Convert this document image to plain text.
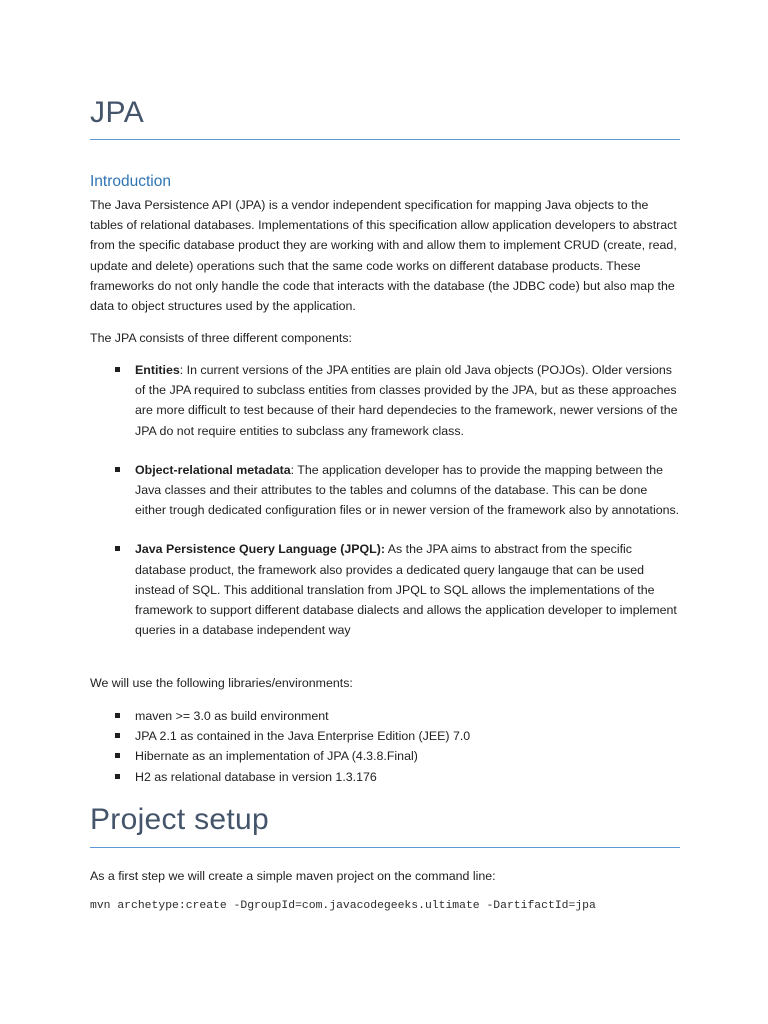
JPA
Introduction

The Java Persistence API (JPA) is a vendor independent specification for mapping Java objects to the tables of relational databases. Implementations of this specification allow application developers to abstract from the specific database product they are working with and allow them to implement CRUD (create, read, update and delete) operations such that the same code works on different database products. These frameworks do not only handle the code that interacts with the database (the JDBC code) but also map the data to object structures used by the application.

The JPA consists of three different components:

Entities: In current versions of the JPA entities are plain old Java objects (POJOs). Older versions of the JPA required to subclass entities from classes provided by the JPA, but as these approaches are more difficult to test because of their hard dependecies to the framework, newer versions of the JPA do not require entities to subclass any framework class.
Object-relational metadata: The application developer has to provide the mapping between the Java classes and their attributes to the tables and columns of the database. This can be done either trough dedicated configuration files or in newer version of the framework also by annotations.
Java Persistence Query Language (JPQL): As the JPA aims to abstract from the specific database product, the framework also provides a dedicated query langauge that can be used instead of SQL. This additional translation from JPQL to SQL allows the implementations of the framework to support different database dialects and allows the application developer to implement queries in a database independent way

We will use the following libraries/environments:

maven >= 3.0 as build environment
JPA 2.1 as contained in the Java Enterprise Edition (JEE) 7.0
Hibernate as an implementation of JPA (4.3.8.Final)
H2 as relational database in version 1.3.176
Project setup

As a first step we will create a simple maven project on the command line:

mvn archetype:create -DgroupId=com.javacodegeeks.ultimate -DartifactId=jpa
